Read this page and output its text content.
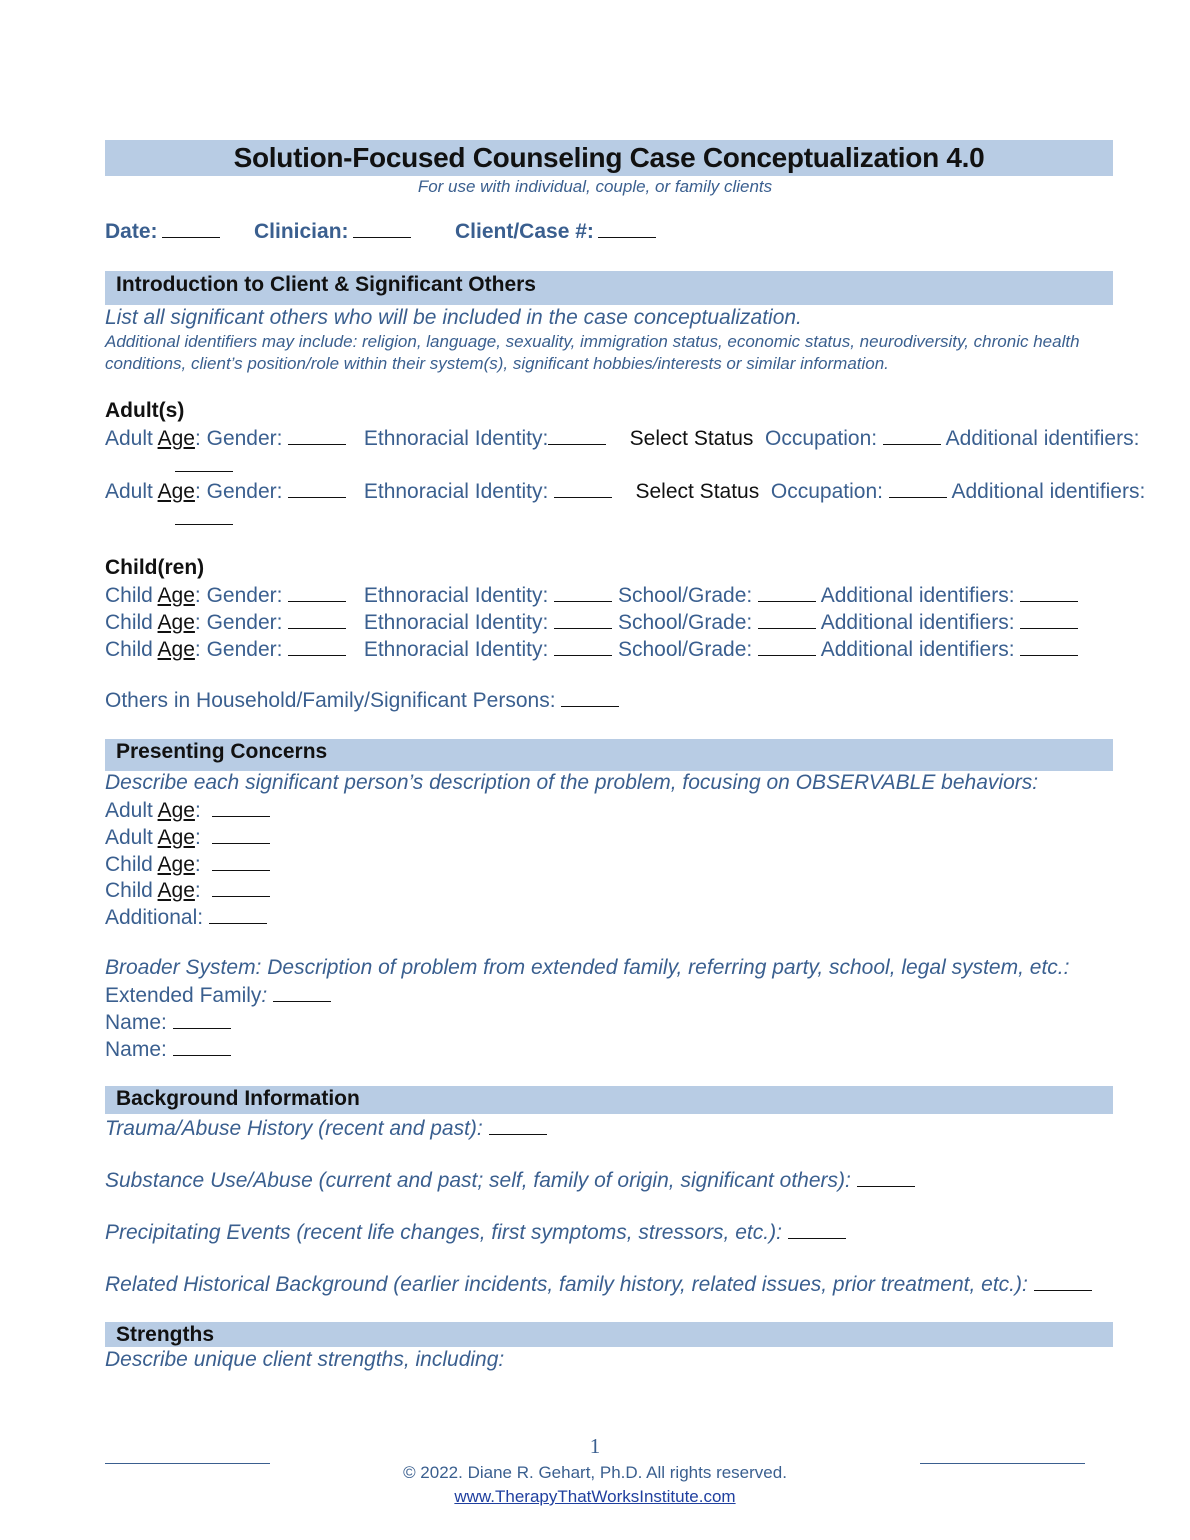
Solution-Focused Counseling Case Conceptualization 4.0
For use with individual, couple, or family clients
Date:	Clinician:	Client/Case #:
Introduction to Client & Significant Others
List all significant others who will be included in the case conceptualization.
Additional identifiers may include: religion, language, sexuality, immigration status, economic status, neurodiversity, chronic health
conditions, client’s position/role within their system(s), significant hobbies/interests or similar information.
Adult(s)
Adult Age: Gender:	Ethnoracial Identity:	Select Status Occupation:	Additional identifiers:
Adult Age: Gender:	Ethnoracial Identity:	Select Status Occupation:	Additional identifiers:
Child(ren)
Child Age: Gender:	Ethnoracial Identity:	School/Grade:	Additional identifiers:
Child Age: Gender:	Ethnoracial Identity:	School/Grade:	Additional identifiers:
Child Age: Gender:	Ethnoracial Identity:	School/Grade:	Additional identifiers:
Others in Household/Family/Significant Persons:
Presenting Concerns
Describe each significant person’s description of the problem, focusing on OBSERVABLE behaviors:
Adult Age:
Adult Age:
Child Age:
Child Age:
Additional:
Broader System: Description of problem from extended family, referring party, school, legal system, etc.:
Extended Family:
Name:
Name:
Background Information
Trauma/Abuse History (recent and past):
Substance Use/Abuse (current and past; self, family of origin, significant others):
Precipitating Events (recent life changes, first symptoms, stressors, etc.):
Related Historical Background (earlier incidents, family history, related issues, prior treatment, etc.):
Strengths
Describe unique client strengths, including:
1
© 2022. Diane R. Gehart, Ph.D. All rights reserved.
www.TherapyThatWorksInstitute.com
